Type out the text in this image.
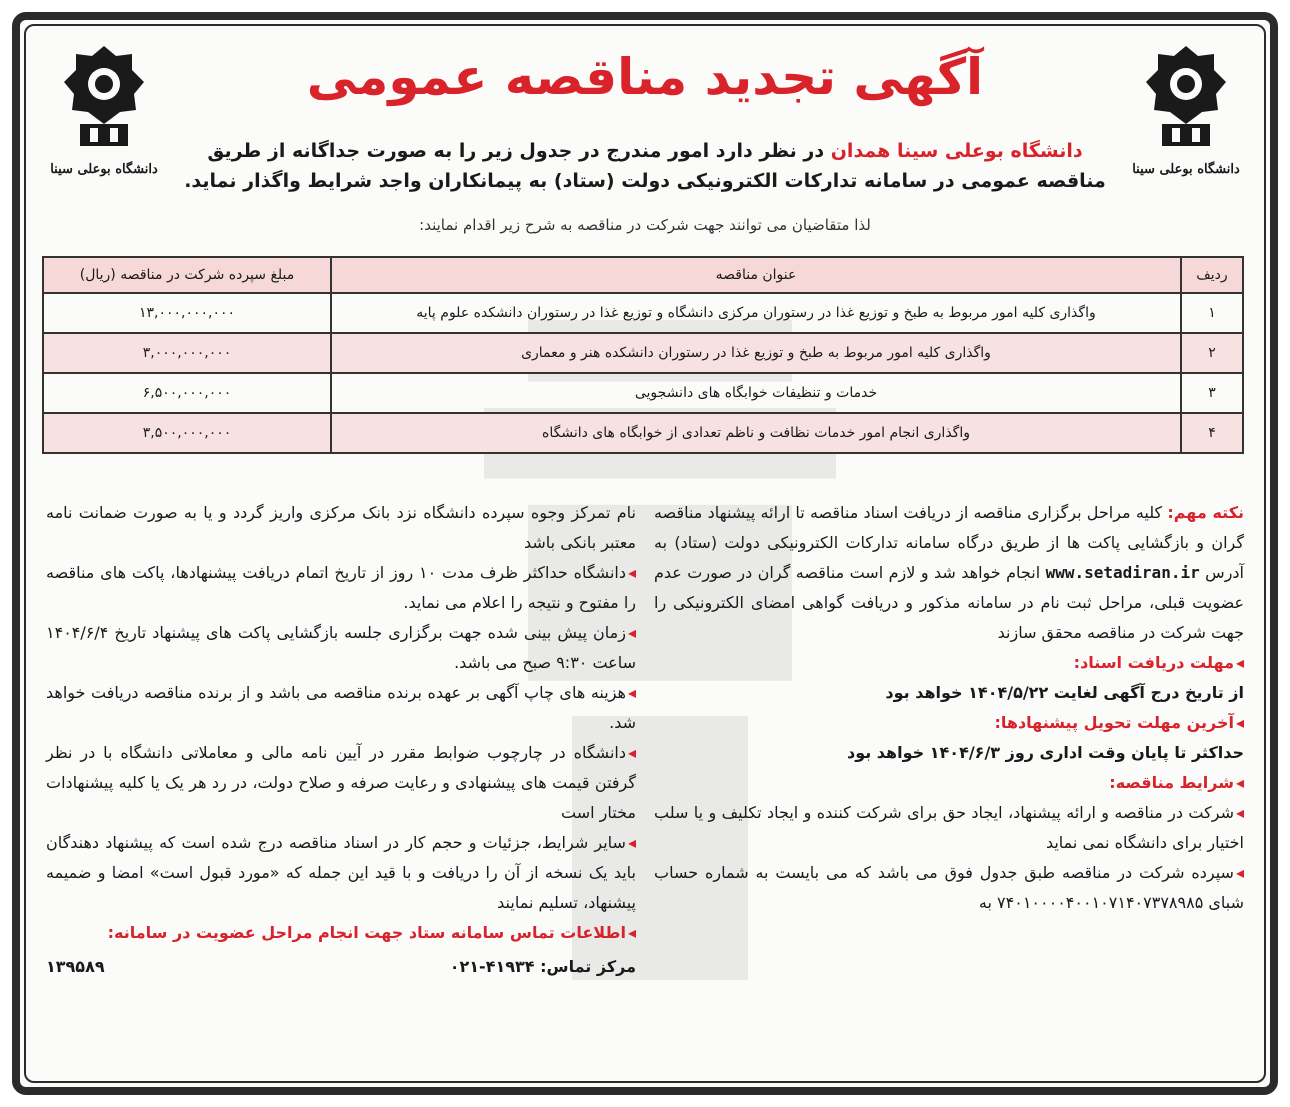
دانشگاه بوعلی سینا
دانشگاه بوعلی سینا
آگهی تجدید مناقصه عمومی
دانشگاه بوعلی سینا همدان در نظر دارد امور مندرج در جدول زیر را به صورت جداگانه از طریق مناقصه عمومی در سامانه تدارکات الکترونیکی دولت (ستاد) به پیمانکاران واجد شرایط واگذار نماید.
لذا متقاضیان می توانند جهت شرکت در مناقصه به شرح زیر اقدام نمایند:
ردیف	عنوان مناقصه	مبلغ سپرده شرکت در مناقصه (ریال)
۱	واگذاری کلیه امور مربوط به طبخ و توزیع غذا در رستوران مرکزی دانشگاه و توزیع غذا در رستوران دانشکده علوم پایه	۱۳,۰۰۰,۰۰۰,۰۰۰
۲	واگذاری کلیه امور مربوط به طبخ و توزیع غذا در رستوران دانشکده هنر و معماری	۳,۰۰۰,۰۰۰,۰۰۰
۳	خدمات و تنظیفات خوابگاه های دانشجویی	۶,۵۰۰,۰۰۰,۰۰۰
۴	واگذاری انجام امور خدمات نظافت و ناظم تعدادی از خوابگاه های دانشگاه	۳,۵۰۰,۰۰۰,۰۰۰

نکته مهم: کلیه مراحل برگزاری مناقصه از دریافت اسناد مناقصه تا ارائه پیشنهاد مناقصه گران و بازگشایی پاکت ها از طریق درگاه سامانه تدارکات الکترونیکی دولت (ستاد) به آدرس www.setadiran.ir انجام خواهد شد و لازم است مناقصه گران در صورت عدم عضویت قبلی، مراحل ثبت نام در سامانه مذکور و دریافت گواهی امضای الکترونیکی را جهت شرکت در مناقصه محقق سازند

◂مهلت دریافت اسناد:

از تاریخ درج آگهی لغایت ۱۴۰۴/۵/۲۲ خواهد بود

◂آخرین مهلت تحویل پیشنهادها:

حداکثر تا پایان وقت اداری روز ۱۴۰۴/۶/۳ خواهد بود

◂شرایط مناقصه:

◂شرکت در مناقصه و ارائه پیشنهاد، ایجاد حق برای شرکت کننده و ایجاد تکلیف و یا سلب اختیار برای دانشگاه نمی نماید

◂سپرده شرکت در مناقصه طبق جدول فوق می باشد که می بایست به شماره حساب شبای ۷۴۰۱۰۰۰۰۴۰۰۱۰۷۱۴۰۷۳۷۸۹۸۵ به

نام تمرکز وجوه سپرده دانشگاه نزد بانک مرکزی واریز گردد و یا به صورت ضمانت نامه معتبر بانکی باشد

◂دانشگاه حداکثر ظرف مدت ۱۰ روز از تاریخ اتمام دریافت پیشنهادها، پاکت های مناقصه را مفتوح و نتیجه را اعلام می نماید.

◂زمان پیش بینی شده جهت برگزاری جلسه بازگشایی پاکت های پیشنهاد تاریخ ۱۴۰۴/۶/۴ ساعت ۹:۳۰ صبح می باشد.

◂هزینه های چاپ آگهی بر عهده برنده مناقصه می باشد و از برنده مناقصه دریافت خواهد شد.

◂دانشگاه در چارچوب ضوابط مقرر در آیین نامه مالی و معاملاتی دانشگاه با در نظر گرفتن قیمت های پیشنهادی و رعایت صرفه و صلاح دولت، در رد هر یک یا کلیه پیشنهادات مختار است

◂سایر شرایط، جزئیات و حجم کار در اسناد مناقصه درج شده است که پیشنهاد دهندگان باید یک نسخه از آن را دریافت و با قید این جمله که «مورد قبول است» امضا و ضمیمه پیشنهاد، تسلیم نمایند

◂اطلاعات تماس سامانه ستاد جهت انجام مراحل عضویت در سامانه:

مرکز تماس: ۴۱۹۳۴-۰۲۱
۱۳۹۵۸۹
